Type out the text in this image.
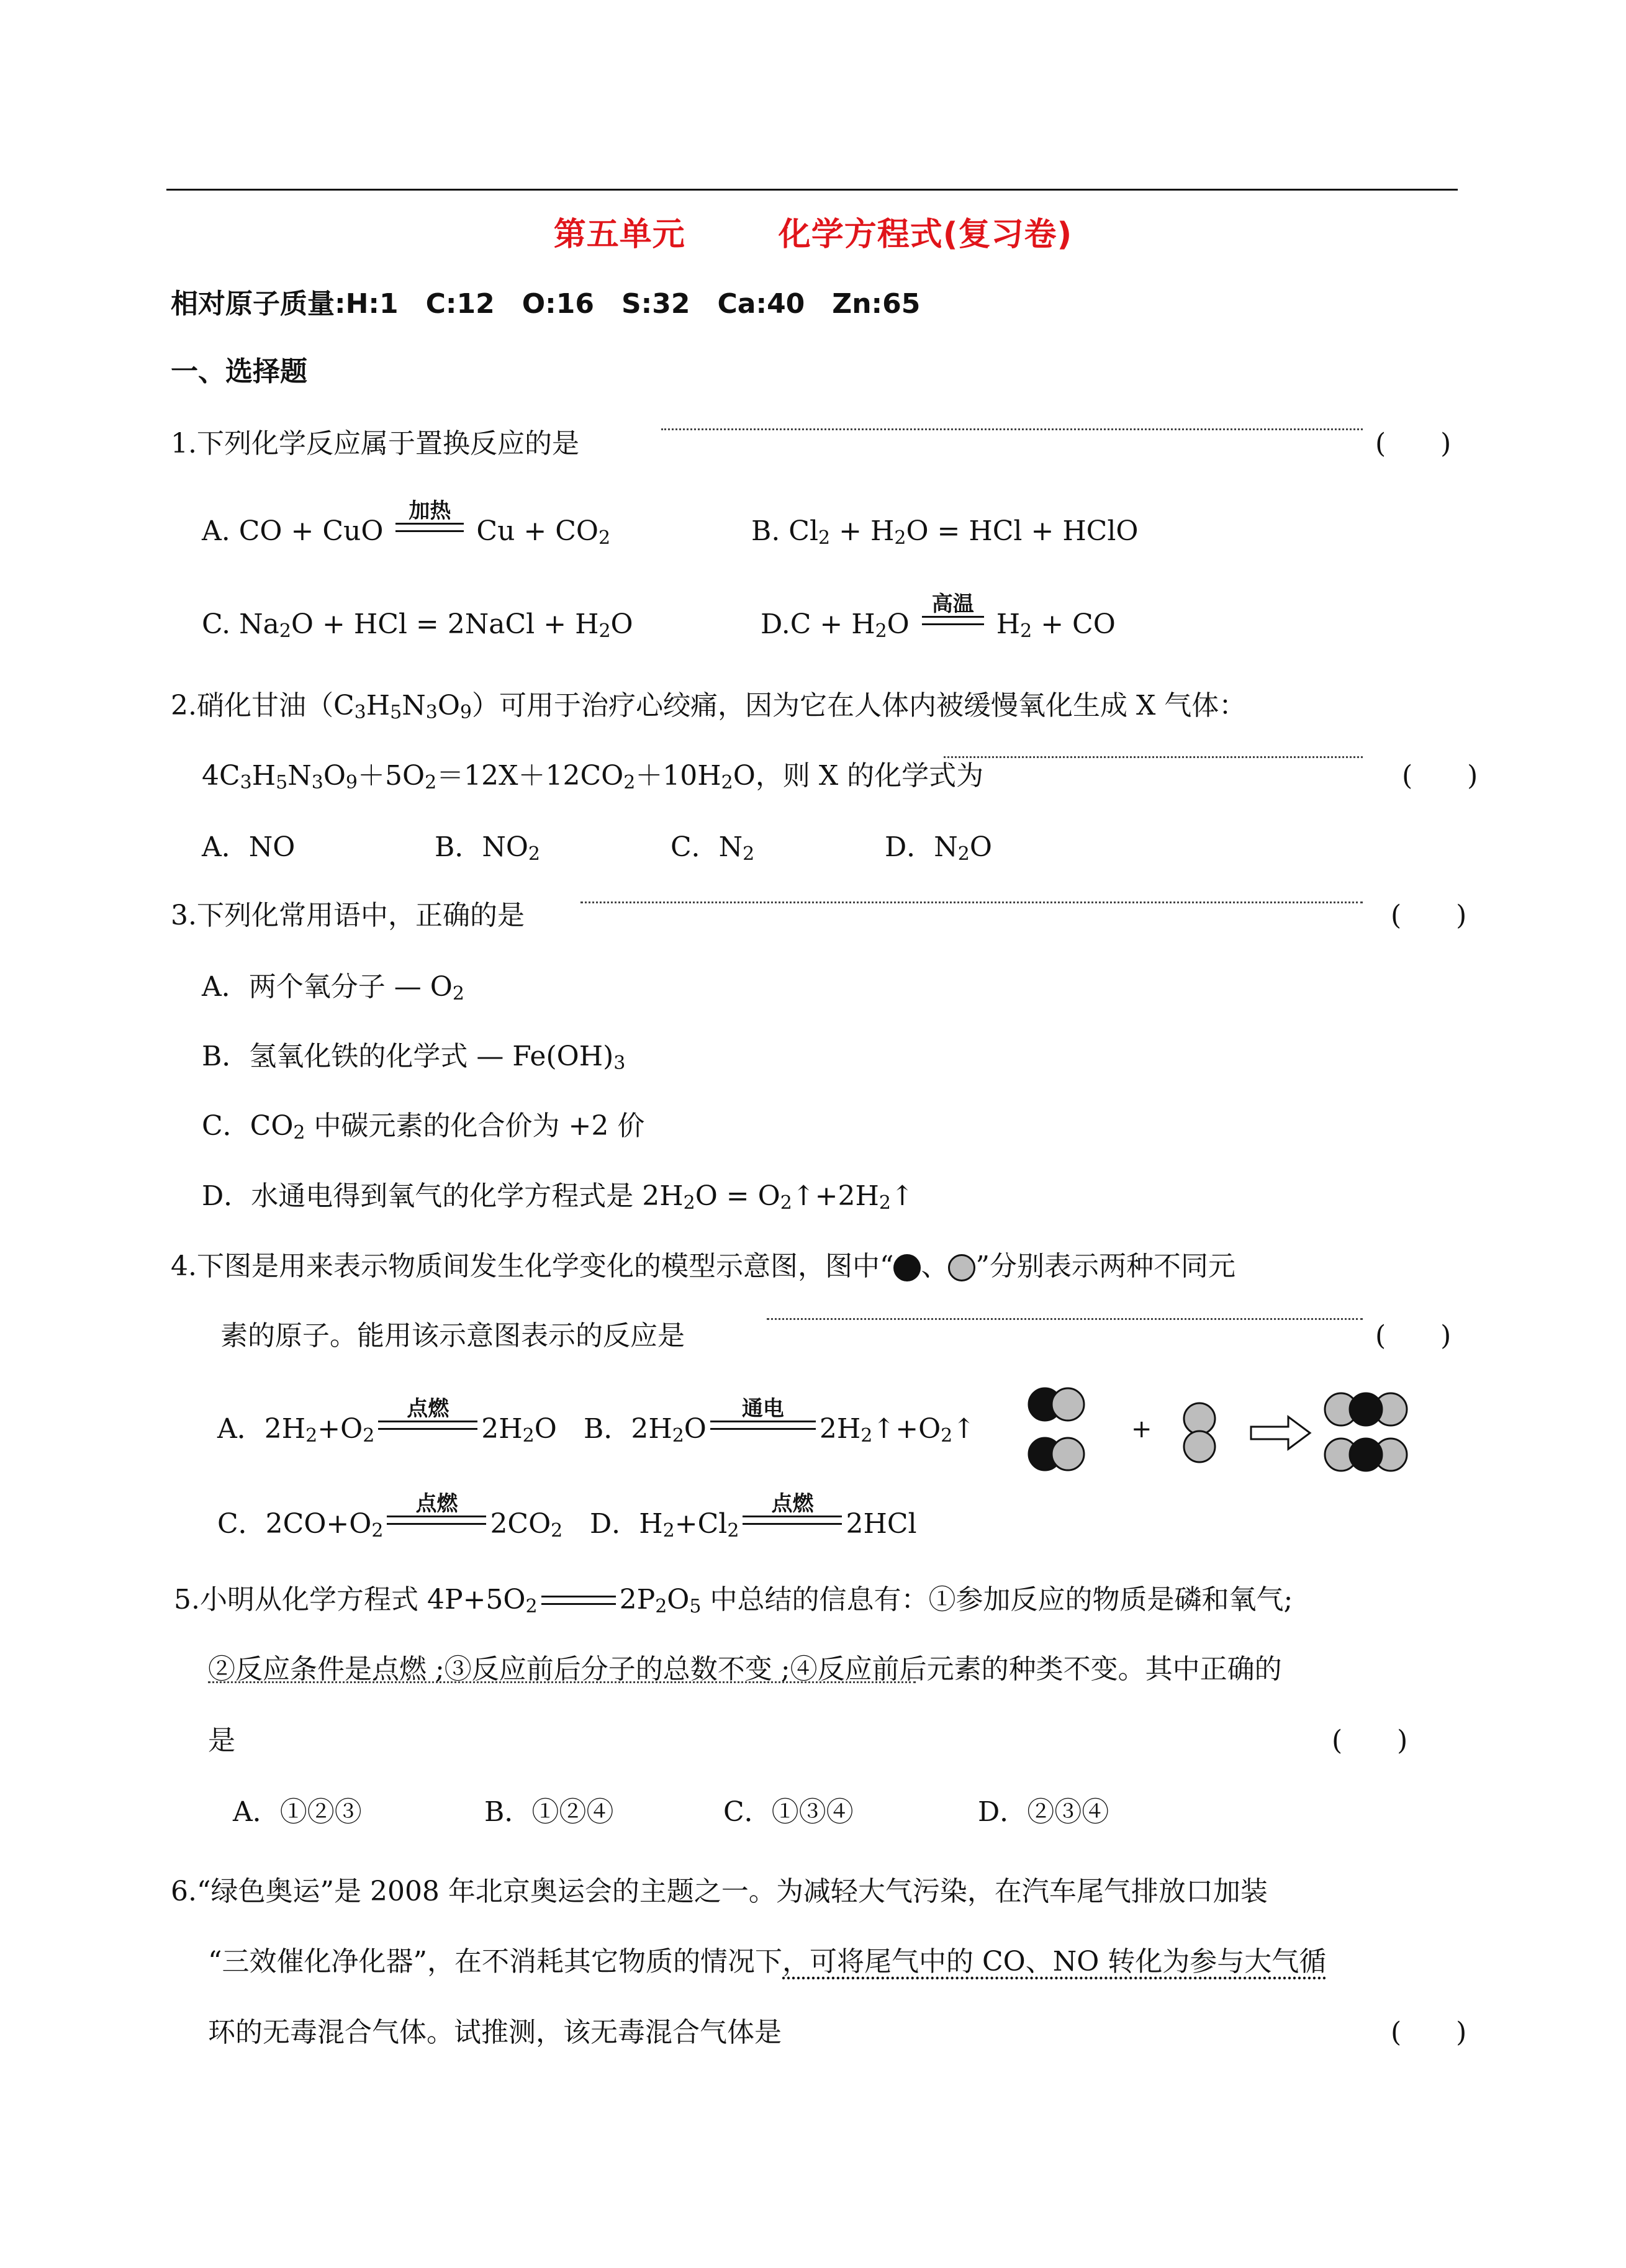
第五单元	化学方程式(复习卷)
相对原子质量:H:1　C:12　O:16　S:32　Ca:40　Zn:65
一、选择题
1.下列化学反应属于置换反应的是	(　　)
A. CO + CuO
加热
$Cu + CO_2$	B. $Cl_2 + H_2O$ = HCl + HClO
C. $Na_2O$ + HCl = 2NaCl + $H_2O$	$D.C + H_2O$
高温
$H_2$ + CO
2.硝化甘油$(C_3H_5N_3O_9)$可用于治疗心绞痛，因为它在人体内被缓慢氧化生成 X 气体：
$4C_3H_5N_3O_9+5O_2=12X+12CO_2+10H_2O$，则 X 的化学式为	(　　)
A．NO	B．$NO_2$	C．$N_2$	D．$N_2O$
3.下列化常用语中，正确的是	(　　)
A．两个氧分子 — $O_2$
B．氢氧化铁的化学式 — $Fe(OH)_3$
C．$CO_2$ 中碳元素的化合价为 +2 价
D．水通电得到氧气的化学方程式是 $2H_2O$ = $O_2↑+2H_2↑$
4.下图是用来表示物质间发生化学变化的模型示意图，图中“ 、 ”分别表示两种不同元
素的原子。能用该示意图表示的反应是	(　　)
A．$2H_2+O_2$
点燃
$2H_2O$ B．$2H_2O$
通电
$2H_2↑+O_2↑$
C．$2CO+O_2$
点燃
$2CO_2$ D．$H_2+Cl_2$
点燃
2HCl
+
5.小明从化学方程式 $4P+5O_2$	$2P_2O_5$ 中总结的信息有：①参加反应的物质是磷和氧气;
②反应条件是点燃 ;③反应前后分子的总数不变 ;④反应前后元素的种类不变。其中正确的
是	(　　)
A．①②③	B．①②④	C．①③④	D．②③④
6.“绿色奥运”是 2008 年北京奥运会的主题之一。为减轻大气污染，在汽车尾气排放口加装
“三效催化净化器”，在不消耗其它物质的情况下，可将尾气中的 CO、NO 转化为参与大气循
环的无毒混合气体。试推测，该无毒混合气体是	(　　)
